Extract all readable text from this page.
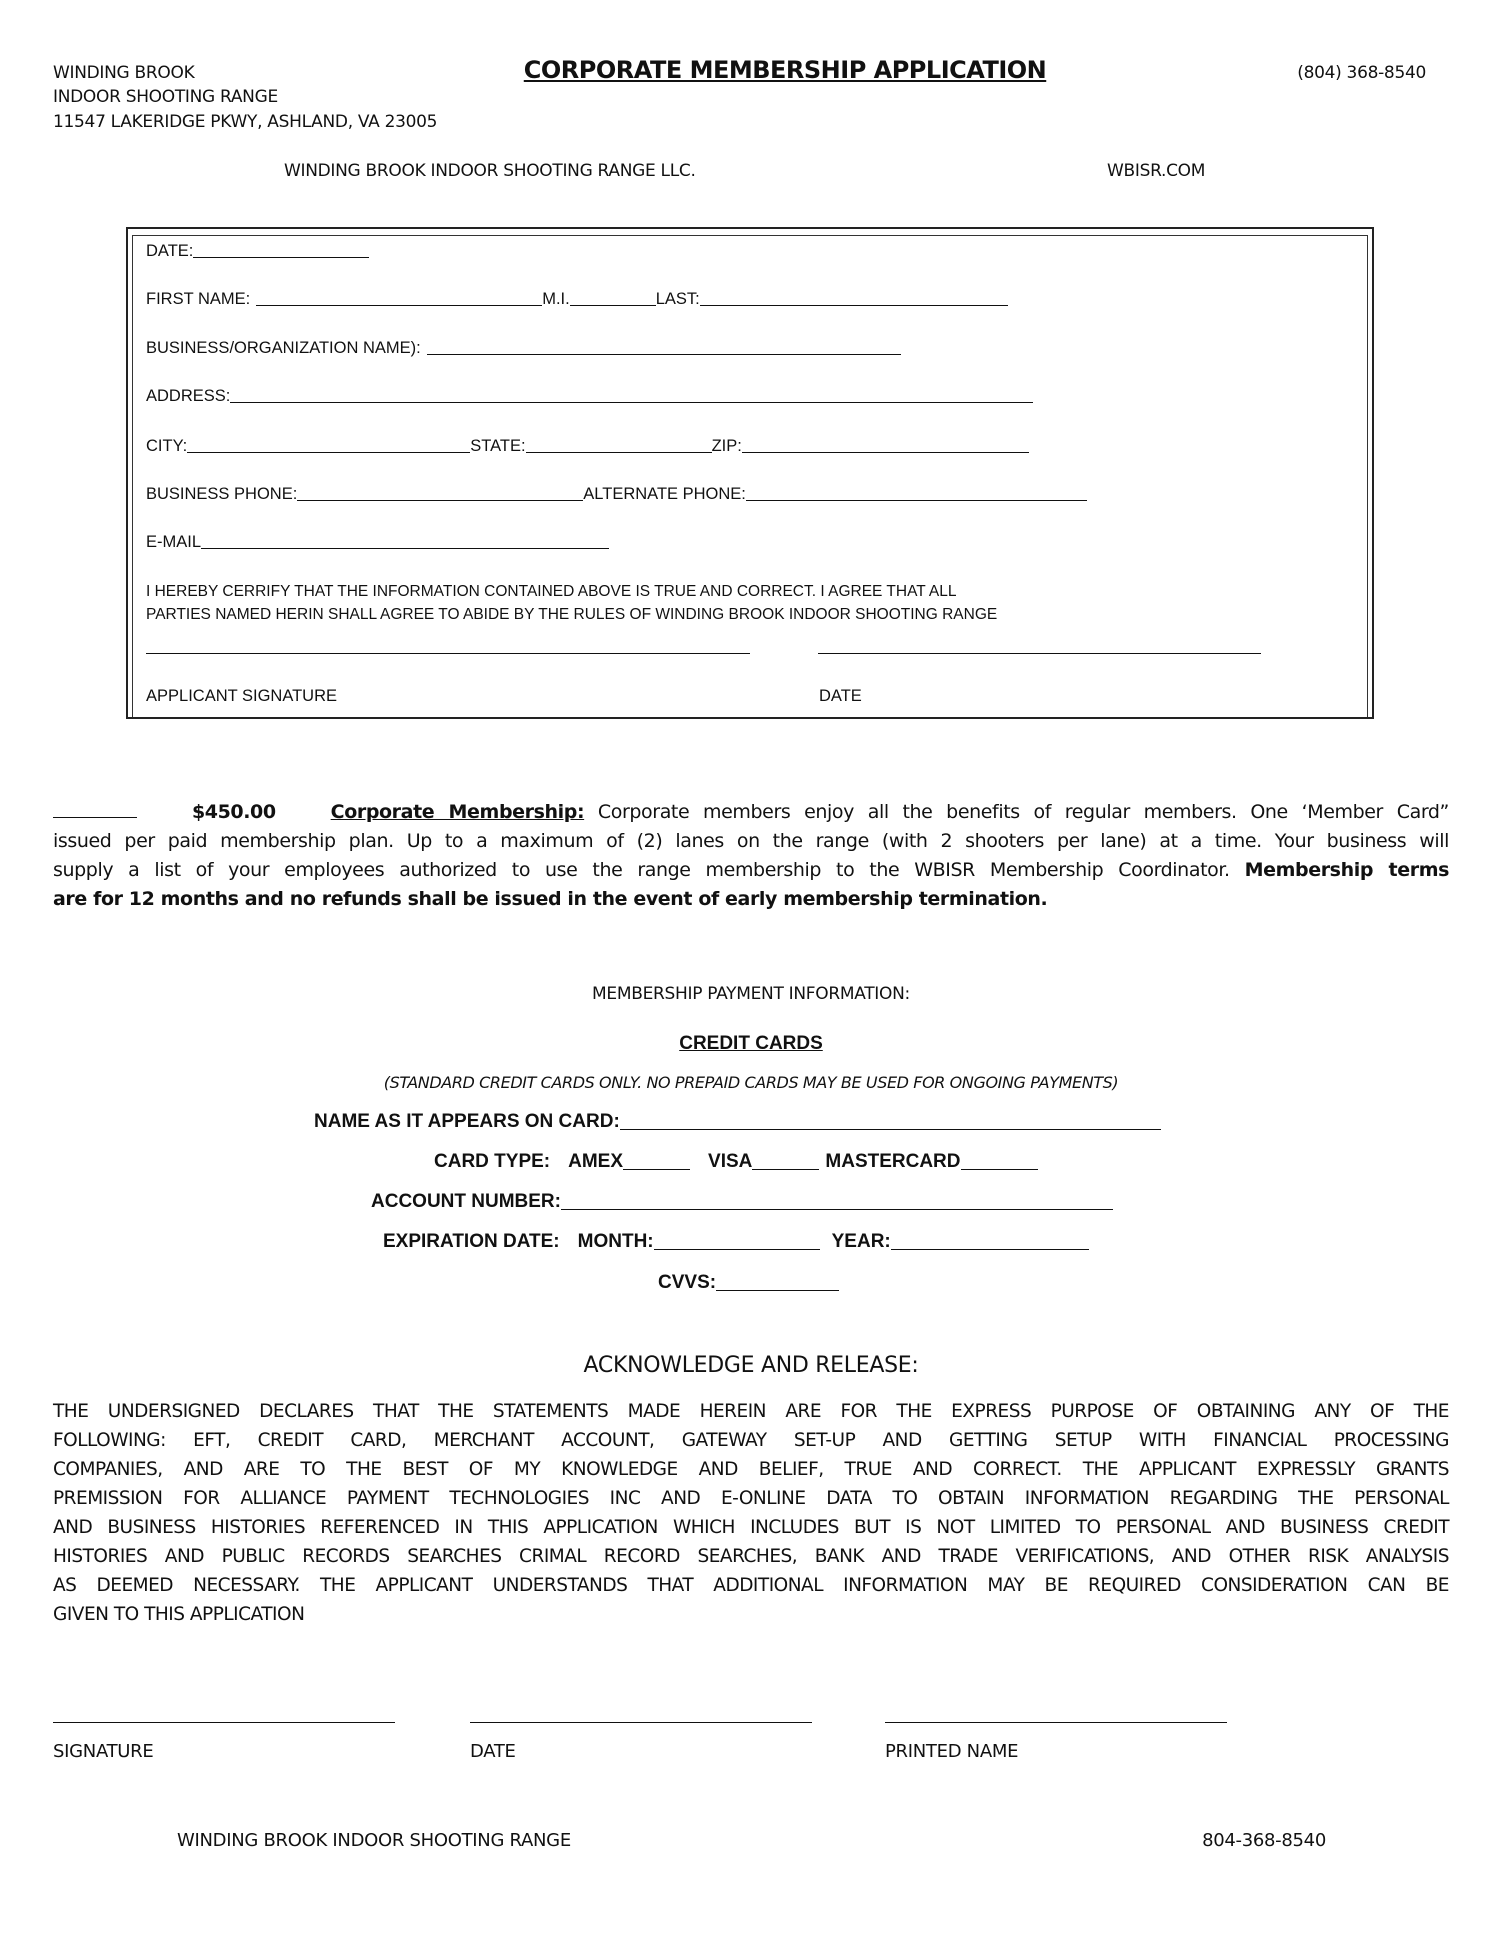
WINDING BROOK
INDOOR SHOOTING RANGE
11547 LAKERIDGE PKWY, ASHLAND, VA 23005
CORPORATE MEMBERSHIP APPLICATION	(804) 368-8540
WINDING BROOK INDOOR SHOOTING RANGE LLC.	WBISR.COM
DATE:
FIRST NAME:	M.I.	LAST:
BUSINESS/ORGANIZATION NAME):
ADDRESS:
CITY:	STATE:	ZIP:
BUSINESS PHONE:	ALTERNATE PHONE:
E-MAIL
I HEREBY CERRIFY THAT THE INFORMATION CONTAINED ABOVE IS TRUE AND CORRECT. I AGREE THAT ALL
PARTIES NAMED HERIN SHALL AGREE TO ABIDE BY THE RULES OF WINDING BROOK INDOOR SHOOTING RANGE
APPLICANT SIGNATURE	DATE
$450.00	Corporate Membership: Corporate members enjoy all the benefits of regular members. One ‘Member Card”
issued per paid membership plan. Up to a maximum of (2) lanes on the range (with 2 shooters per lane) at a time. Your business will
supply a list of your employees authorized to use the range membership to the WBISR Membership Coordinator. Membership terms
are for 12 months and no refunds shall be issued in the event of early membership termination.
MEMBERSHIP PAYMENT INFORMATION:
CREDIT CARDS
(STANDARD CREDIT CARDS ONLY. NO PREPAID CARDS MAY BE USED FOR ONGOING PAYMENTS)
NAME AS IT APPEARS ON CARD:
CARD TYPE: AMEX	VISA	MASTERCARD
ACCOUNT NUMBER:
EXPIRATION DATE: MONTH:	YEAR:
CVVS:
ACKNOWLEDGE AND RELEASE:
THE UNDERSIGNED DECLARES THAT THE STATEMENTS MADE HEREIN ARE FOR THE EXPRESS PURPOSE OF OBTAINING ANY OF THE
FOLLOWING: EFT, CREDIT CARD, MERCHANT ACCOUNT, GATEWAY SET-UP AND GETTING SETUP WITH FINANCIAL PROCESSING
COMPANIES, AND ARE TO THE BEST OF MY KNOWLEDGE AND BELIEF, TRUE AND CORRECT. THE APPLICANT EXPRESSLY GRANTS
PREMISSION FOR ALLIANCE PAYMENT TECHNOLOGIES INC AND E-ONLINE DATA TO OBTAIN INFORMATION REGARDING THE PERSONAL
AND BUSINESS HISTORIES REFERENCED IN THIS APPLICATION WHICH INCLUDES BUT IS NOT LIMITED TO PERSONAL AND BUSINESS CREDIT
HISTORIES AND PUBLIC RECORDS SEARCHES CRIMAL RECORD SEARCHES, BANK AND TRADE VERIFICATIONS, AND OTHER RISK ANALYSIS
AS DEEMED NECESSARY. THE APPLICANT UNDERSTANDS THAT ADDITIONAL INFORMATION MAY BE REQUIRED CONSIDERATION CAN BE
GIVEN TO THIS APPLICATION
SIGNATURE	DATE	PRINTED NAME
WINDING BROOK INDOOR SHOOTING RANGE	804-368-8540
